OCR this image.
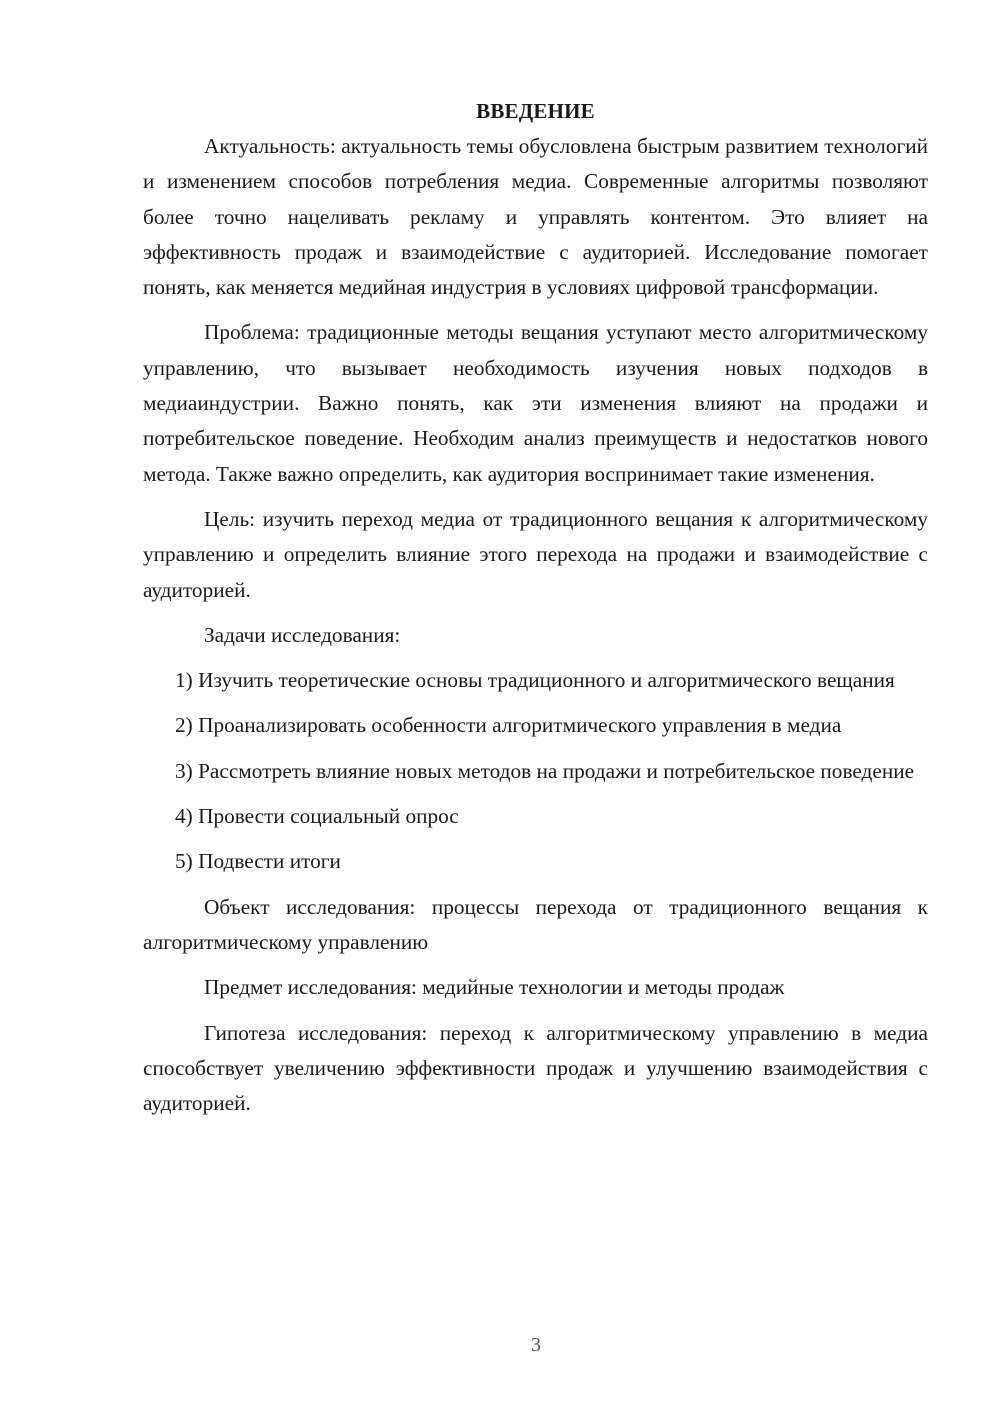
ВВЕДЕНИЕ

Актуальность: актуальность темы обусловлена быстрым развитием технологий и изменением способов потребления медиа. Современные алгоритмы позволяют более точно нацеливать рекламу и управлять контентом. Это влияет на эффективность продаж и взаимодействие с аудиторией. Исследование помогает понять, как меняется медийная индустрия в условиях цифровой трансформации.

Проблема: традиционные методы вещания уступают место алгоритмическому управлению, что вызывает необходимость изучения новых подходов в медиаиндустрии. Важно понять, как эти изменения влияют на продажи и потребительское поведение. Необходим анализ преимуществ и недостатков нового метода. Также важно определить, как аудитория воспринимает такие изменения.

Цель: изучить переход медиа от традиционного вещания к алгоритмическому управлению и определить влияние этого перехода на продажи и взаимодействие с аудиторией.

Задачи исследования:

1) Изучить теоретические основы традиционного и алгоритмического вещания

2) Проанализировать особенности алгоритмического управления в медиа

3) Рассмотреть влияние новых методов на продажи и потребительское поведение

4) Провести социальный опрос

5) Подвести итоги

Объект исследования: процессы перехода от традиционного вещания к алгоритмическому управлению

Предмет исследования: медийные технологии и методы продаж

Гипотеза исследования: переход к алгоритмическому управлению в медиа способствует увеличению эффективности продаж и улучшению взаимодействия с аудиторией.

3
